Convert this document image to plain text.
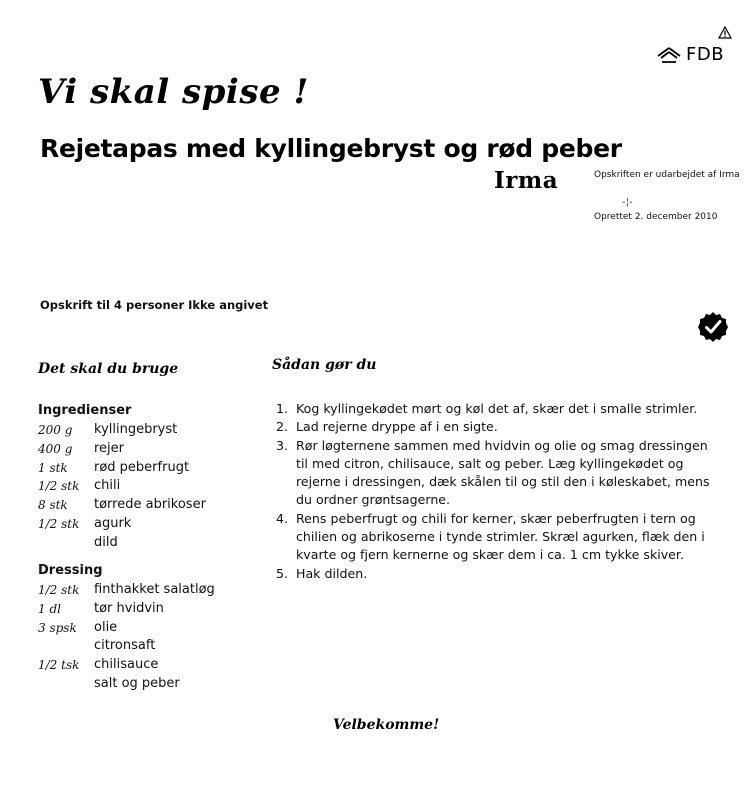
FDB
Vi skal spise !
Rejetapas med kyllingebryst og rød peber
Irma	Opskriften er udarbejdet af Irma
-¦-
Oprettet 2. december 2010
Opskrift til 4 personer Ikke angivet
Det skal du bruge	Sådan gør du
Ingredienser
200 g	kyllingebryst
400 g	rejer
1 stk	rød peberfrugt
1/2 stk	chili
8 stk	tørrede abrikoser
1/2 stk	agurk
dild
Dressing
1/2 stk	finthakket salatløg
1 dl	tør hvidvin
3 spsk	olie
citronsaft
1/2 tsk	chilisauce
salt og peber
1. Kog kyllingekødet mørt og køl det af, skær det i smalle strimler.
2. Lad rejerne dryppe af i en sigte.
3. Rør løgternene sammen med hvidvin og olie og smag dressingen til med citron, chilisauce, salt og peber. Læg kyllingekødet og rejerne i dressingen, dæk skålen til og stil den i køleskabet, mens du ordner grøntsagerne.
4. Rens peberfrugt og chili for kerner, skær peberfrugten i tern og chilien og abrikoserne i tynde strimler. Skræl agurken, flæk den i kvarte og fjern kernerne og skær dem i ca. 1 cm tykke skiver.
5. Hak dilden.
Velbekomme!
